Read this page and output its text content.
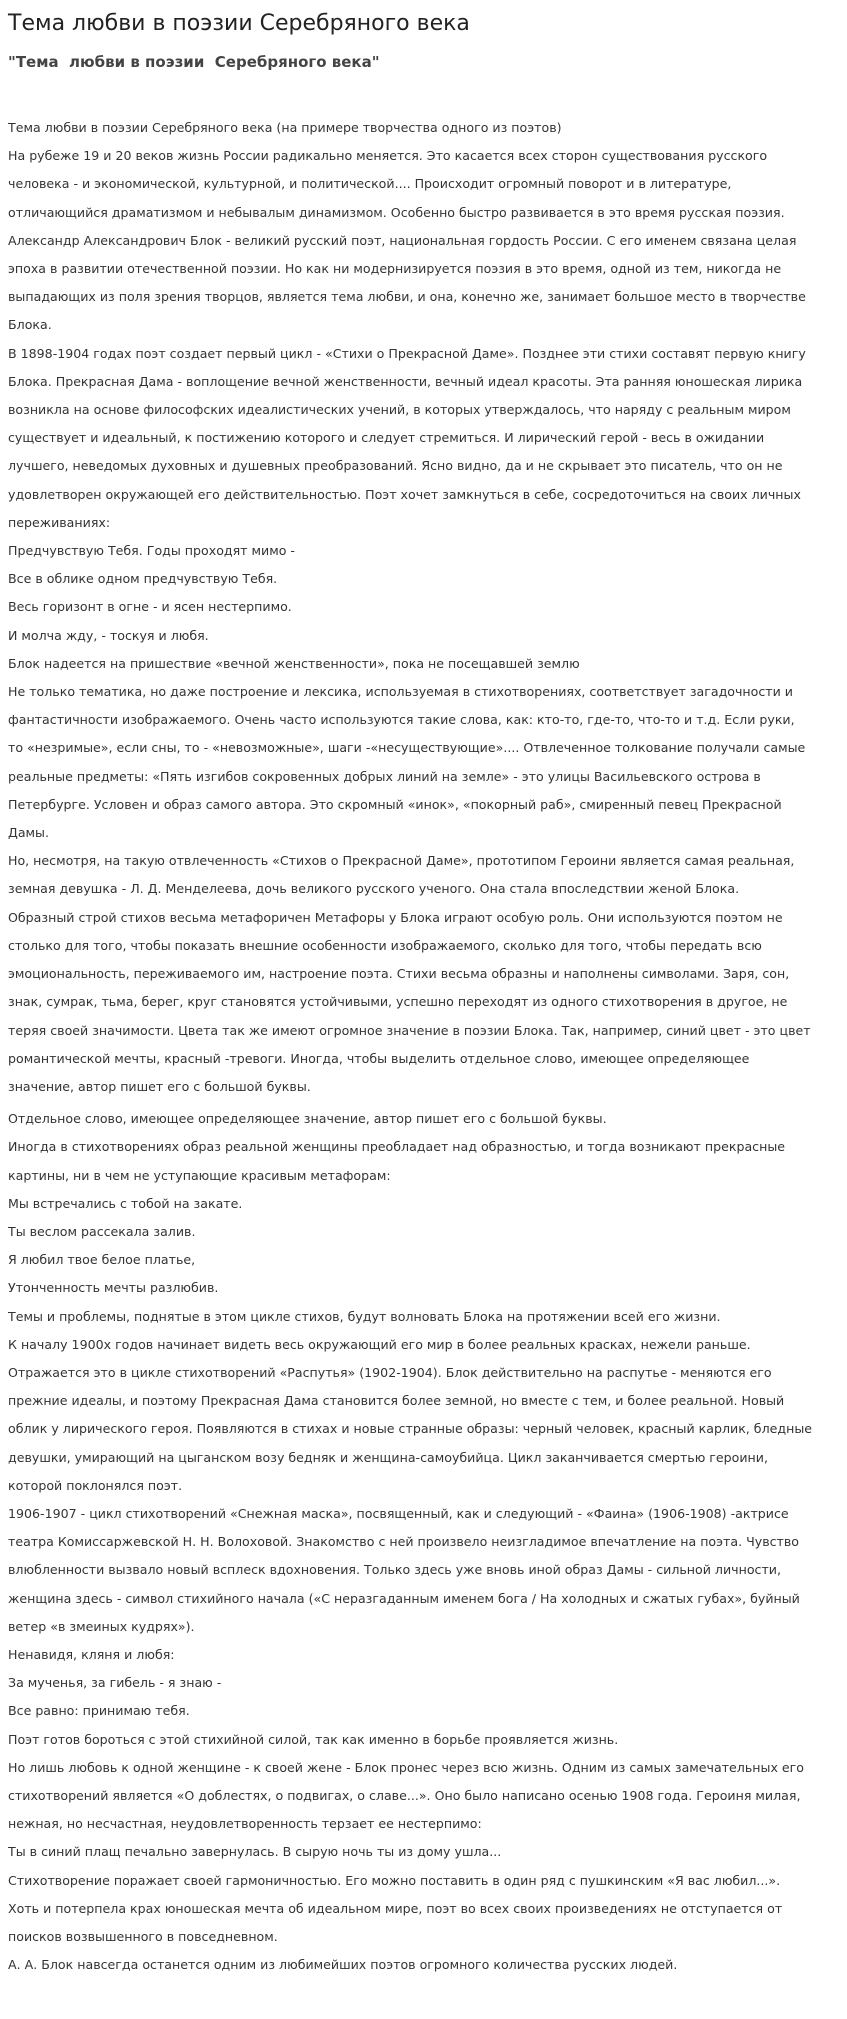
Тема любви в поэзии Серебряного века
"Тема  любви в поэзии  Серебряного века"

Тема любви в поэзии Серебряного века (на примере творчества одного из поэтов)

На рубеже 19 и 20 веков жизнь России радикально меняется. Это касается всех сторон существования русского

человека - и экономической, культурной, и политической.... Происходит огромный поворот и в литературе,

отличающийся драматизмом и небывалым динамизмом. Особенно быстро развивается в это время русская поэзия.

Александр Александрович Блок - великий русский поэт, национальная гордость России. С его именем связана целая

эпоха в развитии отечественной поэзии. Но как ни модернизируется поэзия в это время, одной из тем, никогда не

выпадающих из поля зрения творцов, является тема любви, и она, конечно же, занимает большое место в творчестве

Блока.

В 1898-1904 годах поэт создает первый цикл - «Стихи о Прекрасной Даме». Позднее эти стихи составят первую книгу

Блока. Прекрасная Дама - воплощение вечной женственности, вечный идеал красоты. Эта ранняя юношеская лирика

возникла на основе философских идеалистических учений, в которых утверждалось, что наряду с реальным миром

существует и идеальный, к постижению которого и следует стремиться. И лирический герой - весь в ожидании

лучшего, неведомых духовных и душевных преобразований. Ясно видно, да и не скрывает это писатель, что он не

удовлетворен окружающей его действительностью. Поэт хочет замкнуться в себе, сосредоточиться на своих личных

переживаниях:

Предчувствую Тебя. Годы проходят мимо -

Все в облике одном предчувствую Тебя.

Весь горизонт в огне - и ясен нестерпимо.

И молча жду, - тоскуя и любя.

Блок надеется на пришествие «вечной женственности», пока не посещавшей землю

Не только тематика, но даже построение и лексика, используемая в стихотворениях, соответствует загадочности и

фантастичности изображаемого. Очень часто используются такие слова, как: кто-то, где-то, что-то и т.д. Если руки,

то «незримые», если сны, то - «невозможные», шаги -«несуществующие».... Отвлеченное толкование получали самые

реальные предметы: «Пять изгибов сокровенных добрых линий на земле» - это улицы Васильевского острова в

Петербурге. Условен и образ самого автора. Это скромный «инок», «покорный раб», смиренный певец Прекрасной

Дамы.

Но, несмотря, на такую отвлеченность «Стихов о Прекрасной Даме», прототипом Героини является самая реальная,

земная девушка - Л. Д. Менделеева, дочь великого русского ученого. Она стала впоследствии женой Блока.

Образный строй стихов весьма метафоричен Метафоры у Блока играют особую роль. Они используются поэтом не

столько для того, чтобы показать внешние особенности изображаемого, сколько для того, чтобы передать всю

эмоциональность, переживаемого им, настроение поэта. Стихи весьма образны и наполнены символами. Заря, сон,

знак, сумрак, тьма, берег, круг становятся устойчивыми, успешно переходят из одного стихотворения в другое, не

теряя своей значимости. Цвета так же имеют огромное значение в поэзии Блока. Так, например, синий цвет - это цвет

романтической мечты, красный -тревоги. Иногда, чтобы выделить отдельное слово, имеющее определяющее

значение, автор пишет его с большой буквы.

Отдельное слово, имеющее определяющее значение, автор пишет его с большой буквы.

Иногда в стихотворениях образ реальной женщины преобладает над образностью, и тогда возникают прекрасные

картины, ни в чем не уступающие красивым метафорам:

Мы встречались с тобой на закате.

Ты веслом рассекала залив.

Я любил твое белое платье,

Утонченность мечты разлюбив.

Темы и проблемы, поднятые в этом цикле стихов, будут волновать Блока на протяжении всей его жизни.

К началу 1900х годов начинает видеть весь окружающий его мир в более реальных красках, нежели раньше.

Отражается это в цикле стихотворений «Распутья» (1902-1904). Блок действительно на распутье - меняются его

прежние идеалы, и поэтому Прекрасная Дама становится более земной, но вместе с тем, и более реальной. Новый

облик у лирического героя. Появляются в стихах и новые странные образы: черный человек, красный карлик, бледные

девушки, умирающий на цыганском возу бедняк и женщина-самоубийца. Цикл заканчивается смертью героини,

которой поклонялся поэт.

1906-1907 - цикл стихотворений «Снежная маска», посвященный, как и следующий - «Фаина» (1906-1908) -актрисе

театра Комиссаржевской Н. Н. Волоховой. Знакомство с ней произвело неизгладимое впечатление на поэта. Чувство

влюбленности вызвало новый всплеск вдохновения. Только здесь уже вновь иной образ Дамы - сильной личности,

женщина здесь - символ стихийного начала («С неразгаданным именем бога / На холодных и сжатых губах», буйный

ветер «в змеиных кудрях»).

Ненавидя, кляня и любя:

За мученья, за гибель - я знаю -

Все равно: принимаю тебя.

Поэт готов бороться с этой стихийной силой, так как именно в борьбе проявляется жизнь.

Но лишь любовь к одной женщине - к своей жене - Блок пронес через всю жизнь. Одним из самых замечательных его

стихотворений является «О доблестях, о подвигах, о славе...». Оно было написано осенью 1908 года. Героиня милая,

нежная, но несчастная, неудовлетворенность терзает ее нестерпимо:

Ты в синий плащ печально завернулась. В сырую ночь ты из дому ушла...

Стихотворение поражает своей гармоничностью. Его можно поставить в один ряд с пушкинским «Я вас любил...».

Хоть и потерпела крах юношеская мечта об идеальном мире, поэт во всех своих произведениях не отступается от

поисков возвышенного в повседневном.

А. А. Блок навсегда останется одним из любимейших поэтов огромного количества русских людей.
